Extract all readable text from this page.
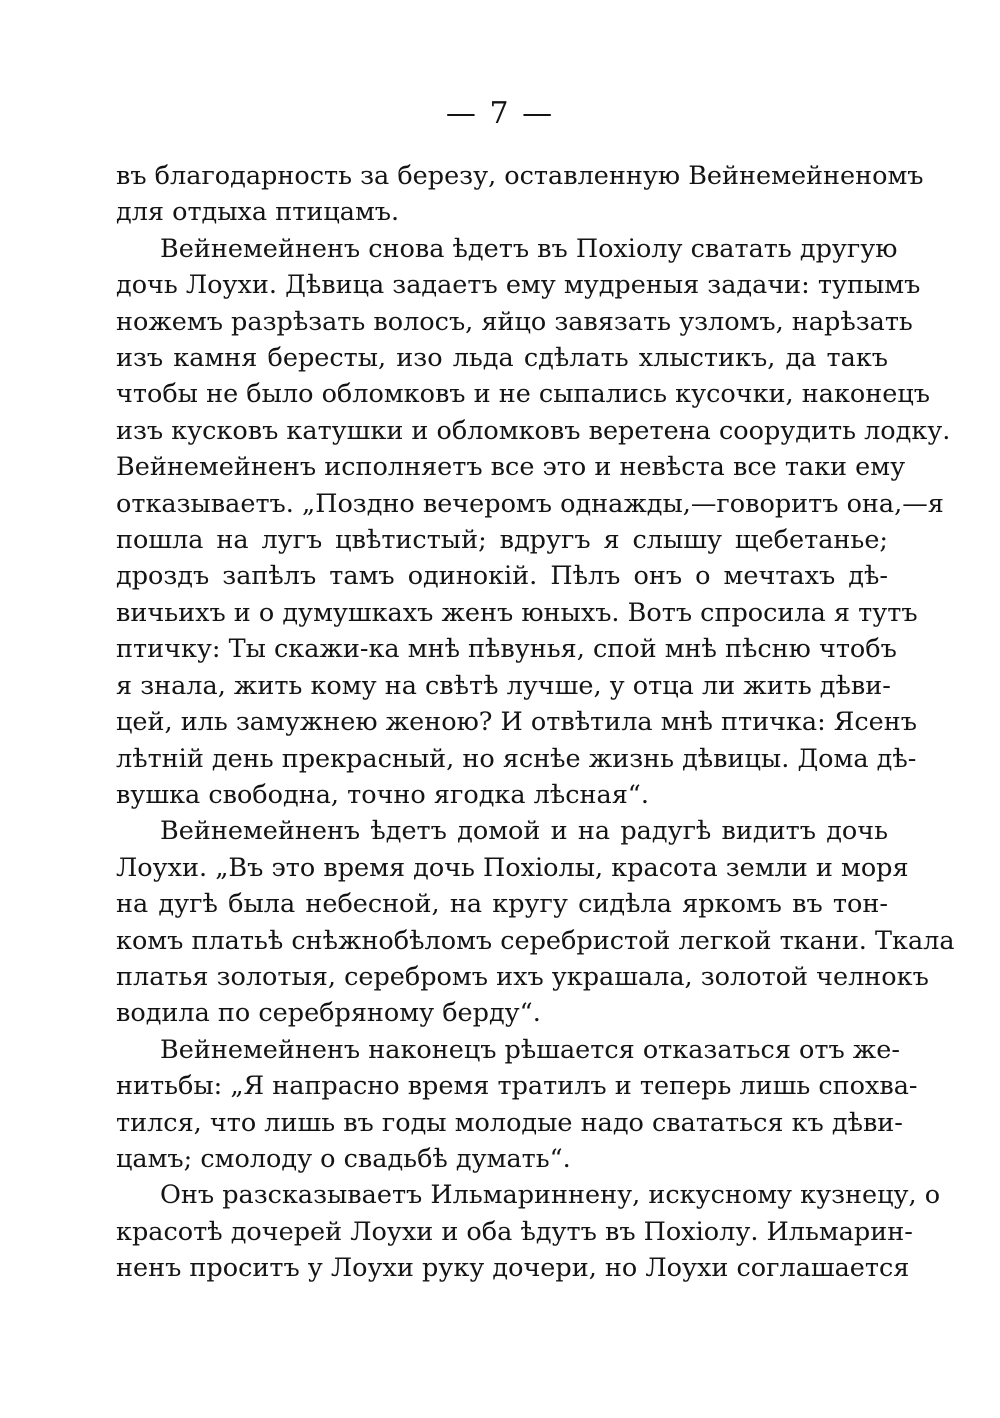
— 7 —
въ благодарность за березу, оставленную Вейнемейненомъ
для отдыха птицамъ.
Вейнемейненъ снова ѣдетъ въ Похіолу сватать другую
дочь Лоухи. Дѣвица задаетъ ему мудреныя задачи: тупымъ
ножемъ разрѣзать волосъ, яйцо завязать узломъ, нарѣзать
изъ камня бересты, изо льда сдѣлать хлыстикъ, да такъ
чтобы не было обломковъ и не сыпались кусочки, наконецъ
изъ кусковъ катушки и обломковъ веретена соорудить лодку.
Вейнемейненъ исполняетъ все это и невѣста все таки ему
отказываетъ. „Поздно вечеромъ однажды,—говоритъ она,—я
пошла на лугъ цвѣтистый; вдругъ я слышу щебетанье;
дроздъ запѣлъ тамъ одинокій. Пѣлъ онъ о мечтахъ дѣ-
вичьихъ и о думушкахъ женъ юныхъ. Вотъ спросила я тутъ
птичку: Ты скажи-ка мнѣ пѣвунья, спой мнѣ пѣсню чтобъ
я знала, жить кому на свѣтѣ лучше, у отца ли жить дѣви-
цей, иль замужнею женою? И отвѣтила мнѣ птичка: Ясенъ
лѣтній день прекрасный, но яснѣе жизнь дѣвицы. Дома дѣ-
вушка свободна, точно ягодка лѣсная“.
Вейнемейненъ ѣдетъ домой и на радугѣ видитъ дочь
Лоухи. „Въ это время дочь Похіолы, красота земли и моря
на дугѣ была небесной, на кругу сидѣла яркомъ въ тон-
комъ платьѣ снѣжнобѣломъ серебристой легкой ткани. Ткала
платья золотыя, серебромъ ихъ украшала, золотой челнокъ
водила по серебряному берду“.
Вейнемейненъ наконецъ рѣшается отказаться отъ же-
нитьбы: „Я напрасно время тратилъ и теперь лишь спохва-
тился, что лишь въ годы молодые надо свататься къ дѣви-
цамъ; смолоду о свадьбѣ думать“.
Онъ разсказываетъ Ильмариннену, искусному кузнецу, о
красотѣ дочерей Лоухи и оба ѣдутъ въ Похіолу. Ильмарин-
ненъ проситъ у Лоухи руку дочери, но Лоухи соглашается
